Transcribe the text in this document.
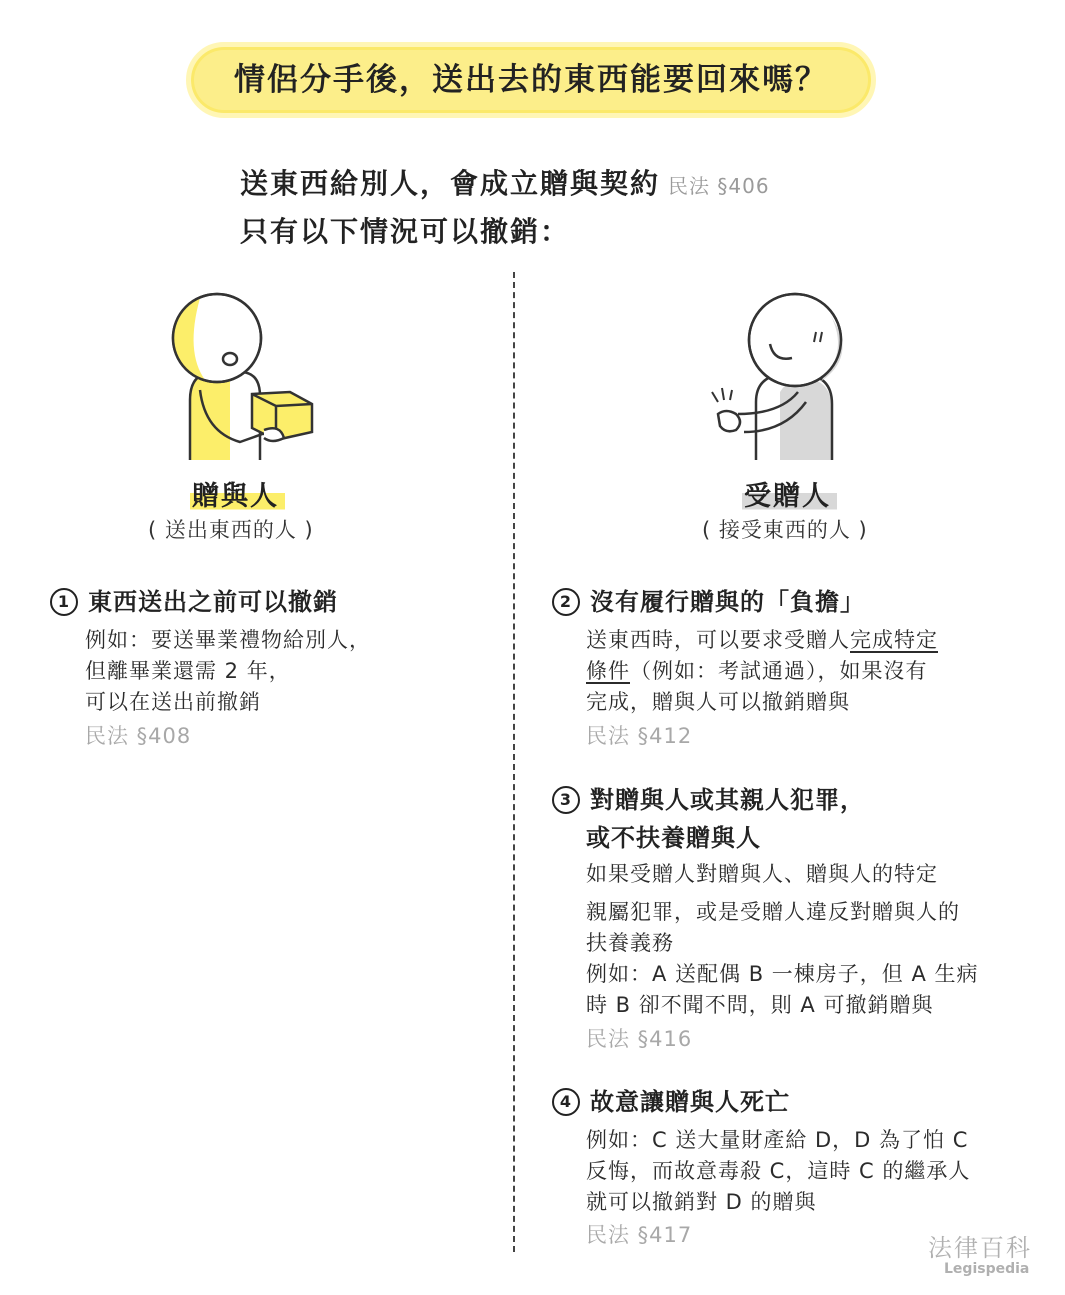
情侶分手後，送出去的東西能要回來嗎？
送東西給別人，會成立贈與契約 民法 §406
只有以下情況可以撤銷：
贈與人
( 送出東西的人 )
受贈人
( 接受東西的人 )
1 東西送出之前可以撤銷
例如：要送畢業禮物給別人，
但離畢業還需 2 年，
可以在送出前撤銷
民法 §408
2 沒有履行贈與的「負擔」
送東西時，可以要求受贈人完成特定
條件（例如：考試通過），如果沒有
完成，贈與人可以撤銷贈與
民法 §412
3 對贈與人或其親人犯罪，
或不扶養贈與人
如果受贈人對贈與人、贈與人的特定
親屬犯罪，或是受贈人違反對贈與人的
扶養義務
例如：A 送配偶 B 一棟房子，但 A 生病
時 B 卻不聞不問，則 A 可撤銷贈與
民法 §416
4 故意讓贈與人死亡
例如：C 送大量財產給 D，D 為了怕 C
反悔，而故意毒殺 C，這時 C 的繼承人
就可以撤銷對 D 的贈與
民法 §417	法律百科
Legispedia
